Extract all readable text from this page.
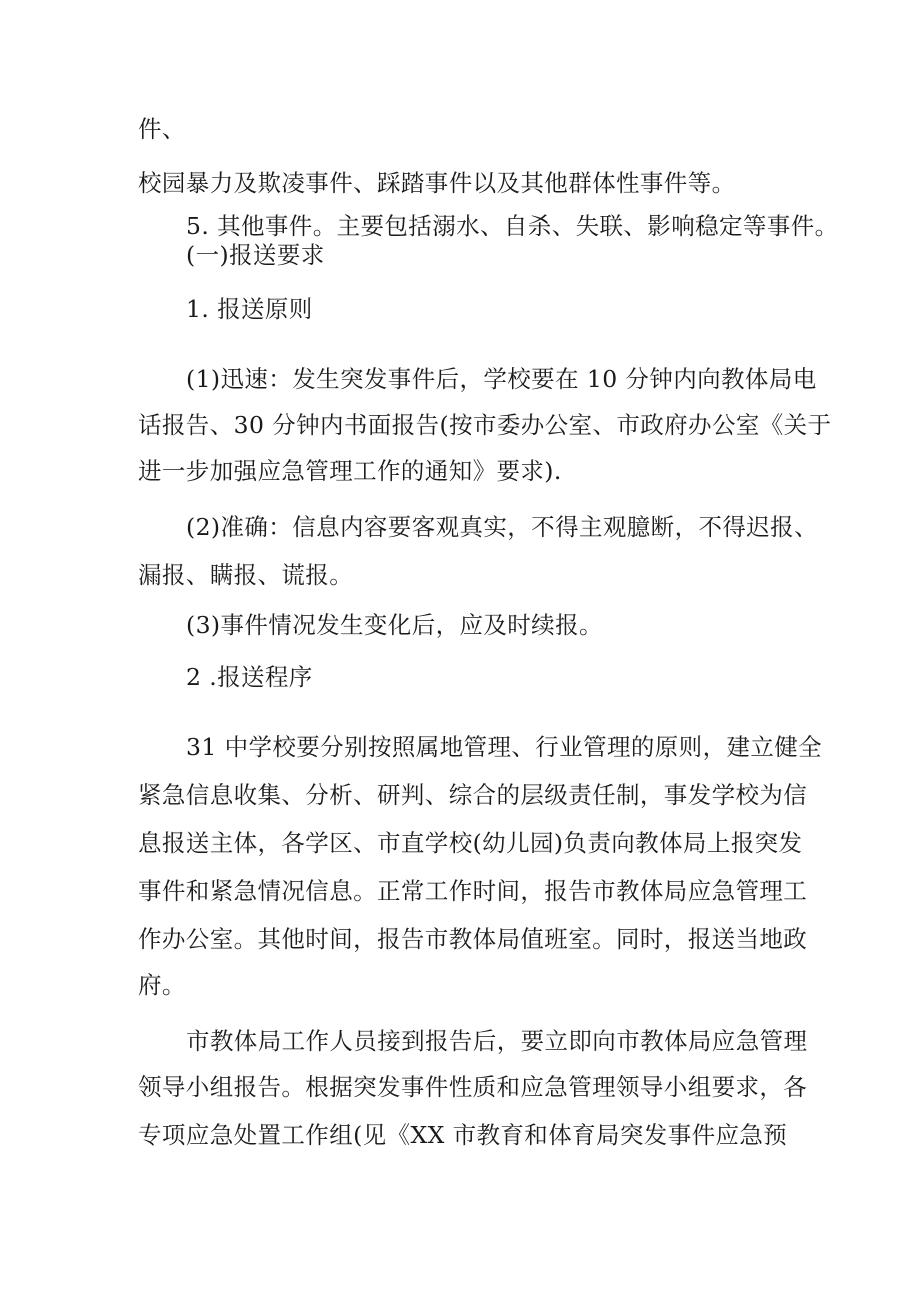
件、
校园暴力及欺凌事件、踩踏事件以及其他群体性事件等。
5. 其他事件。主要包括溺水、自杀、失联、影响稳定等事件。
(一)报送要求
1. 报送原则
(1)迅速：发生突发事件后，学校要在 10 分钟内向教体局电
话报告、30 分钟内书面报告(按市委办公室、市政府办公室《关于
进一步加强应急管理工作的通知》要求).
(2)准确：信息内容要客观真实，不得主观臆断，不得迟报、
漏报、瞒报、谎报。
(3)事件情况发生变化后，应及时续报。
2 .报送程序
31 中学校要分别按照属地管理、行业管理的原则，建立健全
紧急信息收集、分析、研判、综合的层级责任制，事发学校为信
息报送主体，各学区、市直学校(幼儿园)负责向教体局上报突发
事件和紧急情况信息。正常工作时间，报告市教体局应急管理工
作办公室。其他时间，报告市教体局值班室。同时，报送当地政
府。
市教体局工作人员接到报告后，要立即向市教体局应急管理
领导小组报告。根据突发事件性质和应急管理领导小组要求，各
专项应急处置工作组(见《XX 市教育和体育局突发事件应急预
